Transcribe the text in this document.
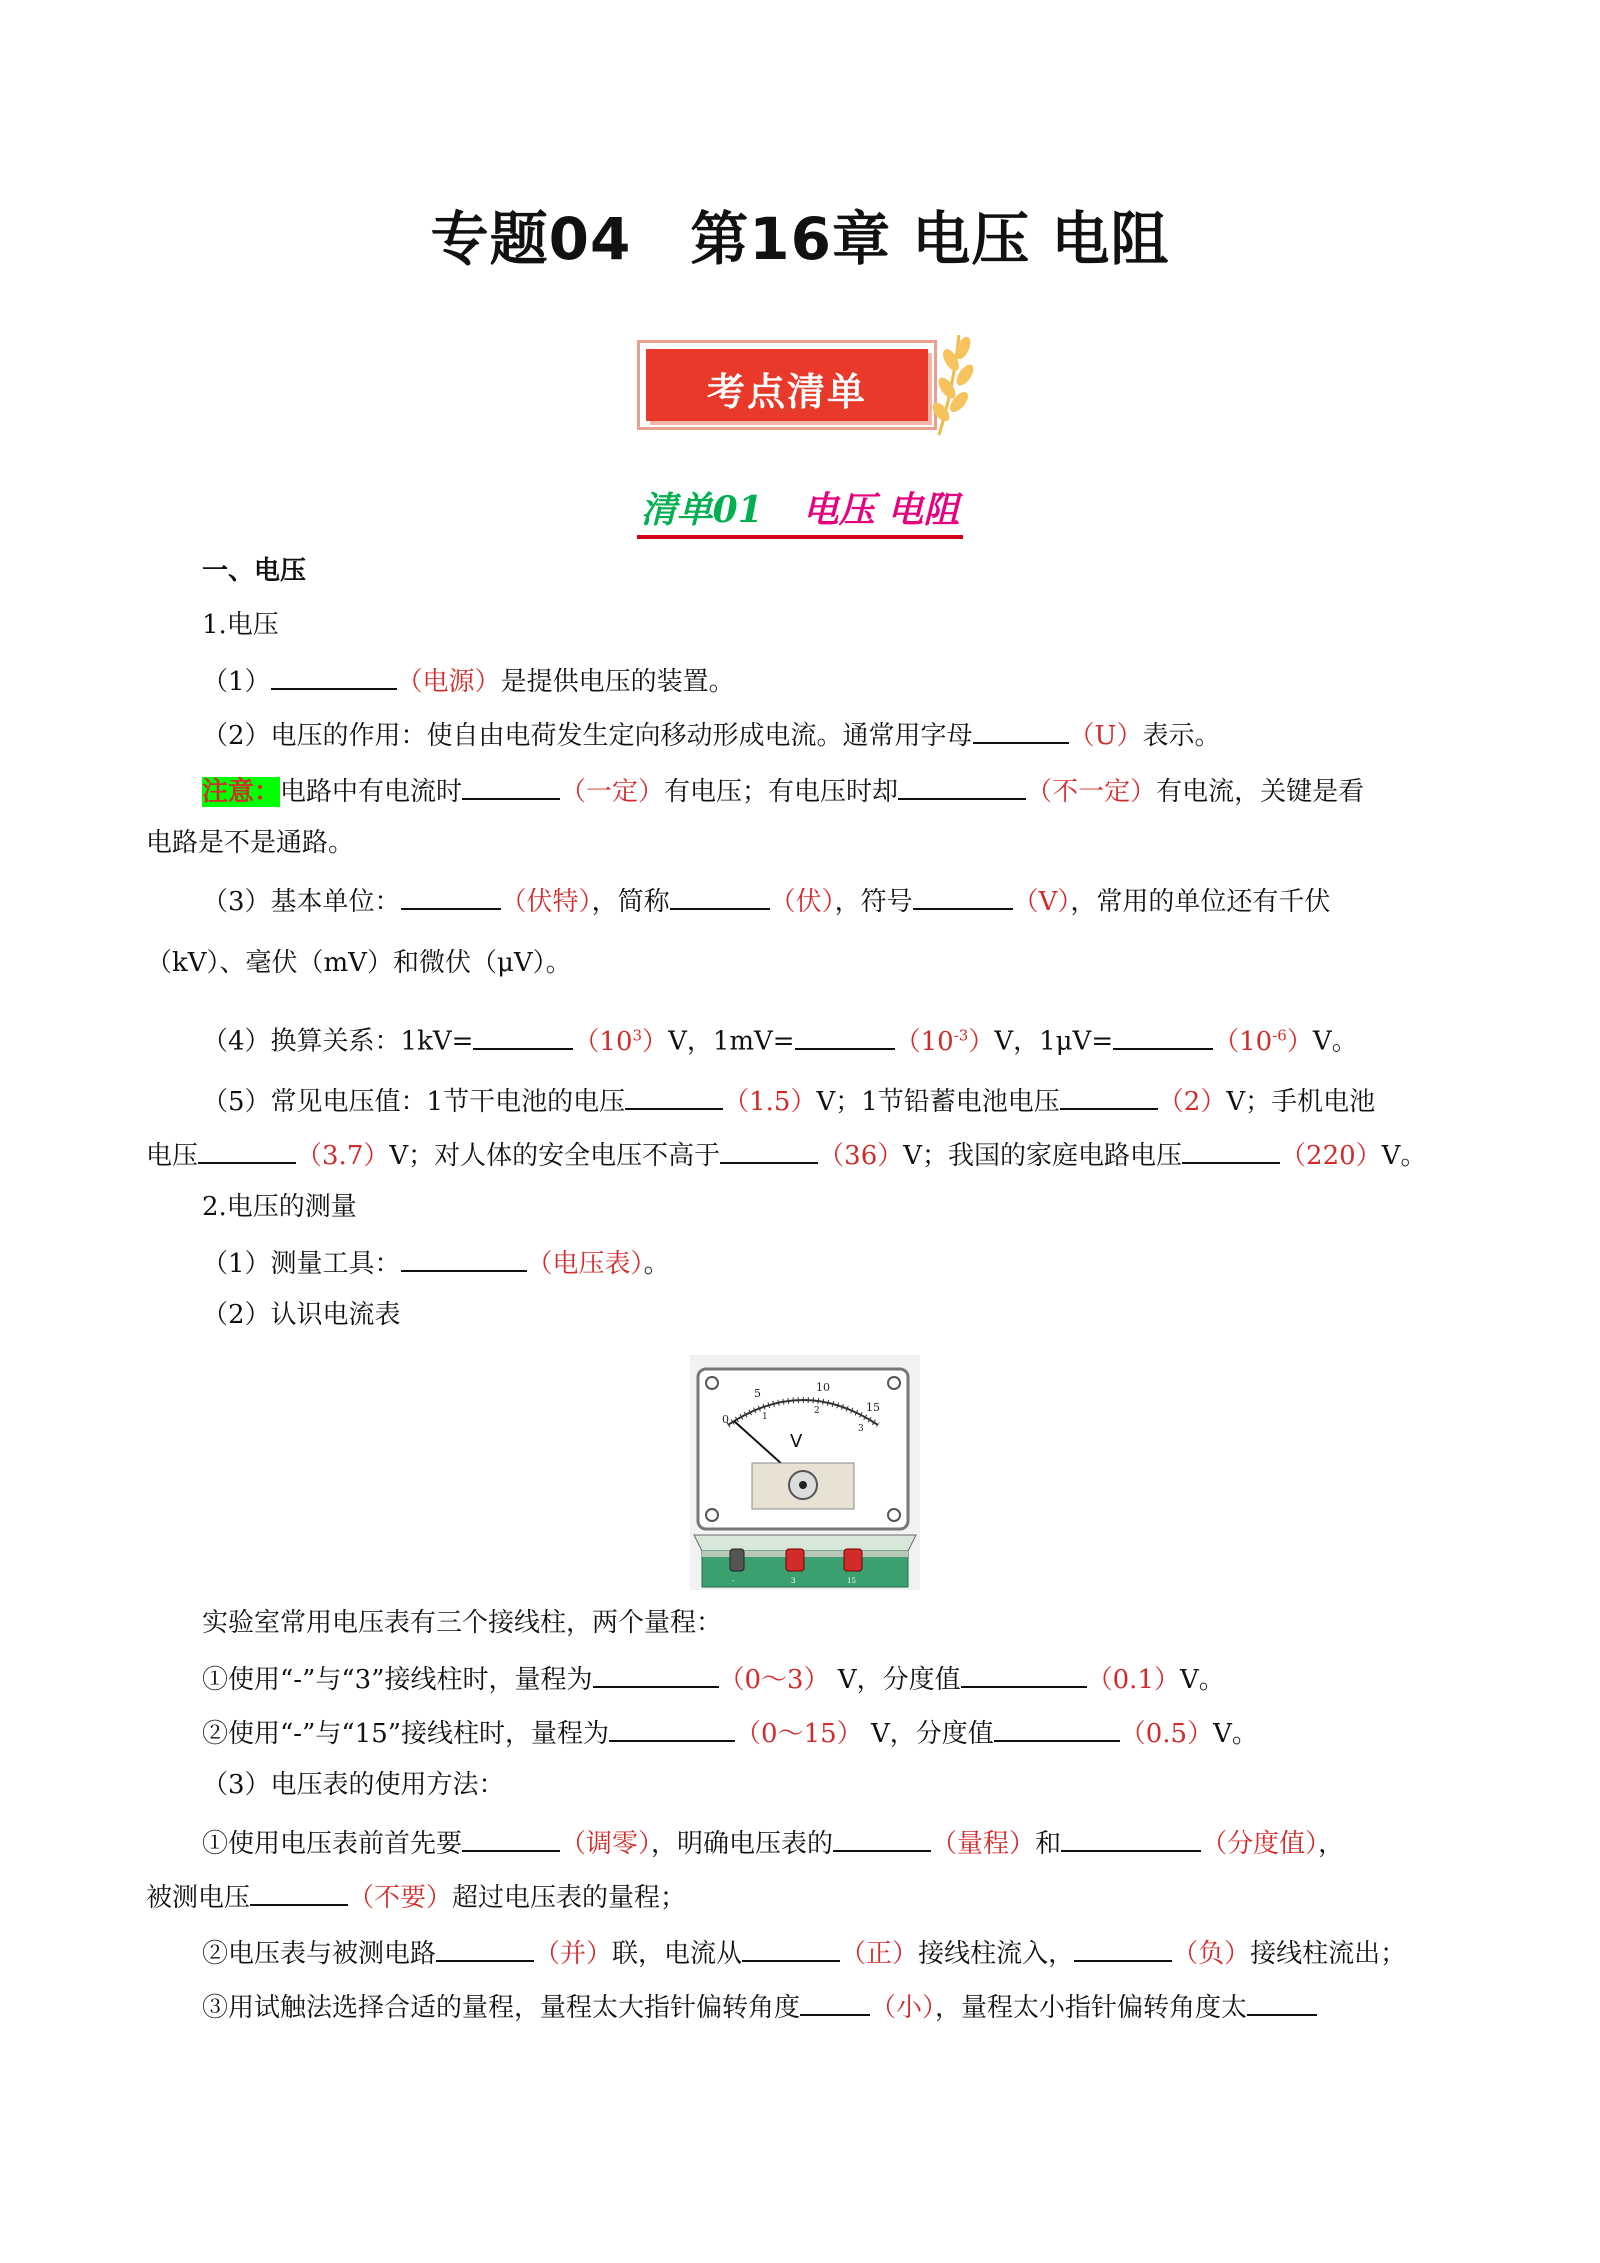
专题04　第16章 电压 电阻
考点清单
清单01 电压 电阻
一、电压
1.电压
（1）	（电源）是提供电压的装置。
（2）电压的作用：使自由电荷发生定向移动形成电流。通常用字母	（U）表示。
注意：电路中有电流时	（一定）有电压；有电压时却	（不一定）有电流，关键是看
电路是不是通路。
（3）基本单位：	（伏特），简称	（伏），符号	（V），常用的单位还有千伏
（kV）、毫伏（mV）和微伏（μV）。
（4）换算关系：1kV=	$(10^3)V$，1mV=	$(10^{-3})V$，1μV=	$(10^{-6})V$。
（5）常见电压值：1节干电池的电压	（1.5）V；1节铅蓄电池电压	（2）V；手机电池
电压	（3.7）V；对人体的安全电压不高于	（36）V；我国的家庭电路电压	（220）V。
2.电压的测量
（1）测量工具：	（电压表）。
（2）认识电流表
0
5	10
15
1
2
3
V
-	3	15
实验室常用电压表有三个接线柱，两个量程：
①使用“-”与“3”接线柱时，量程为	（0～3） V，分度值	（0.1）V。
②使用“-”与“15”接线柱时，量程为	（0～15） V，分度值	（0.5）V。
（3）电压表的使用方法：
①使用电压表前首先要	（调零），明确电压表的	（量程）和	（分度值），
被测电压	（不要）超过电压表的量程；
②电压表与被测电路	（并）联，电流从	（正）接线柱流入，	（负）接线柱流出；
③用试触法选择合适的量程，量程太大指针偏转角度	（小），量程太小指针偏转角度太
